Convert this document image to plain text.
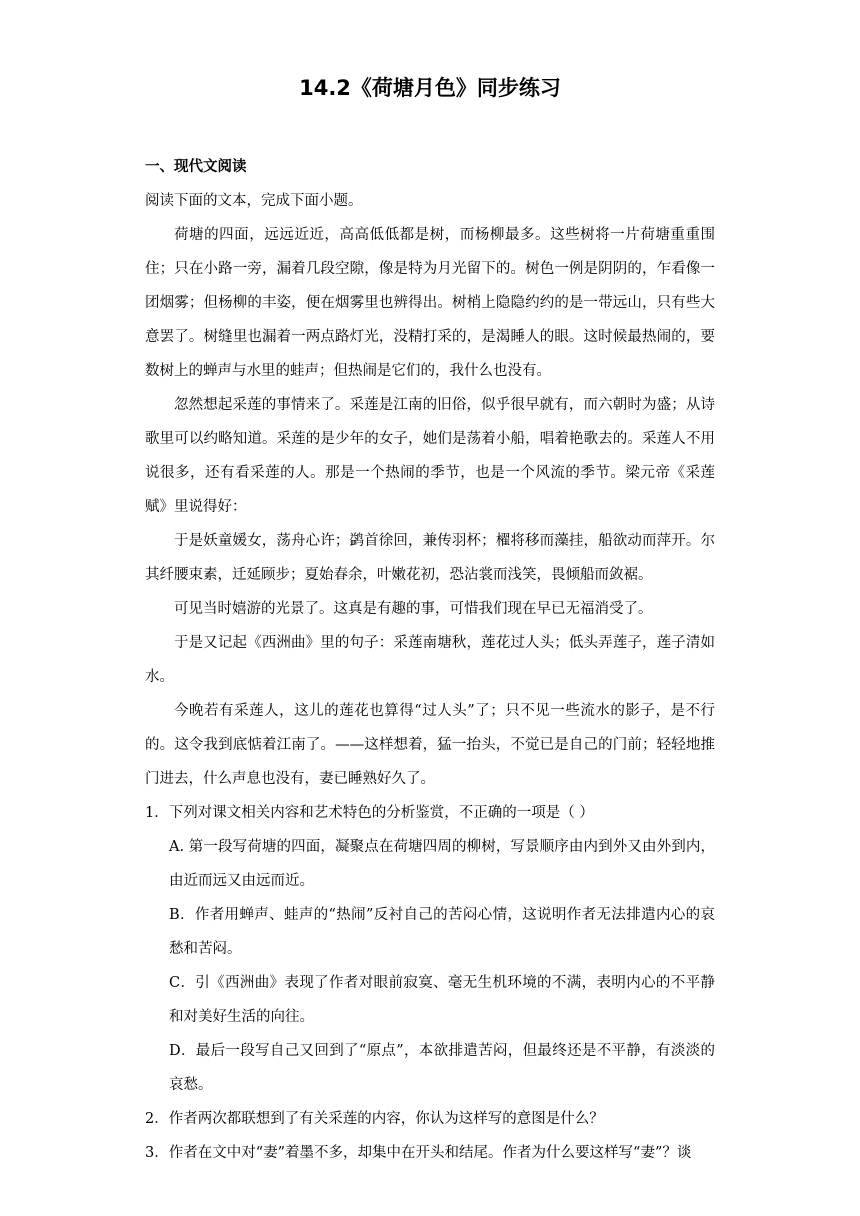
14.2《荷塘月色》同步练习
一、现代文阅读
阅读下面的文本，完成下面小题。
荷塘的四面，远远近近，高高低低都是树，而杨柳最多。这些树将一片荷塘重重围住；只在小路一旁，漏着几段空隙，像是特为月光留下的。树色一例是阴阴的，乍看像一团烟雾；但杨柳的丰姿，便在烟雾里也辨得出。树梢上隐隐约约的是一带远山，只有些大意罢了。树缝里也漏着一两点路灯光，没精打采的，是渴睡人的眼。这时候最热闹的，要数树上的蝉声与水里的蛙声；但热闹是它们的，我什么也没有。
忽然想起采莲的事情来了。采莲是江南的旧俗，似乎很早就有，而六朝时为盛；从诗歌里可以约略知道。采莲的是少年的女子，她们是荡着小船，唱着艳歌去的。采莲人不用说很多，还有看采莲的人。那是一个热闹的季节，也是一个风流的季节。梁元帝《采莲赋》里说得好：
于是妖童媛女，荡舟心许；鹢首徐回，兼传羽杯；櫂将移而藻挂，船欲动而萍开。尔其纤腰束素，迁延顾步；夏始春余，叶嫩花初，恐沾裳而浅笑，畏倾船而敛裾。
可见当时嬉游的光景了。这真是有趣的事，可惜我们现在早已无福消受了。
于是又记起《西洲曲》里的句子：采莲南塘秋，莲花过人头；低头弄莲子，莲子清如水。
今晚若有采莲人，这儿的莲花也算得“过人头”了；只不见一些流水的影子，是不行的。这令我到底惦着江南了。——这样想着，猛一抬头，不觉已是自己的门前；轻轻地推门进去，什么声息也没有，妻已睡熟好久了。
1．下列对课文相关内容和艺术特色的分析鉴赏，不正确的一项是（ ）
A. 第一段写荷塘的四面，凝聚点在荷塘四周的柳树，写景顺序由内到外又由外到内，由近而远又由远而近。
B．作者用蝉声、蛙声的“热闹”反衬自己的苦闷心情，这说明作者无法排遣内心的哀愁和苦闷。
C．引《西洲曲》表现了作者对眼前寂寞、毫无生机环境的不满，表明内心的不平静和对美好生活的向往。
D．最后一段写自己又回到了“原点”，本欲排遣苦闷，但最终还是不平静，有淡淡的哀愁。
2．作者两次都联想到了有关采莲的内容，你认为这样写的意图是什么？
3．作者在文中对“妻”着墨不多，却集中在开头和结尾。作者为什么要这样写“妻”？谈
